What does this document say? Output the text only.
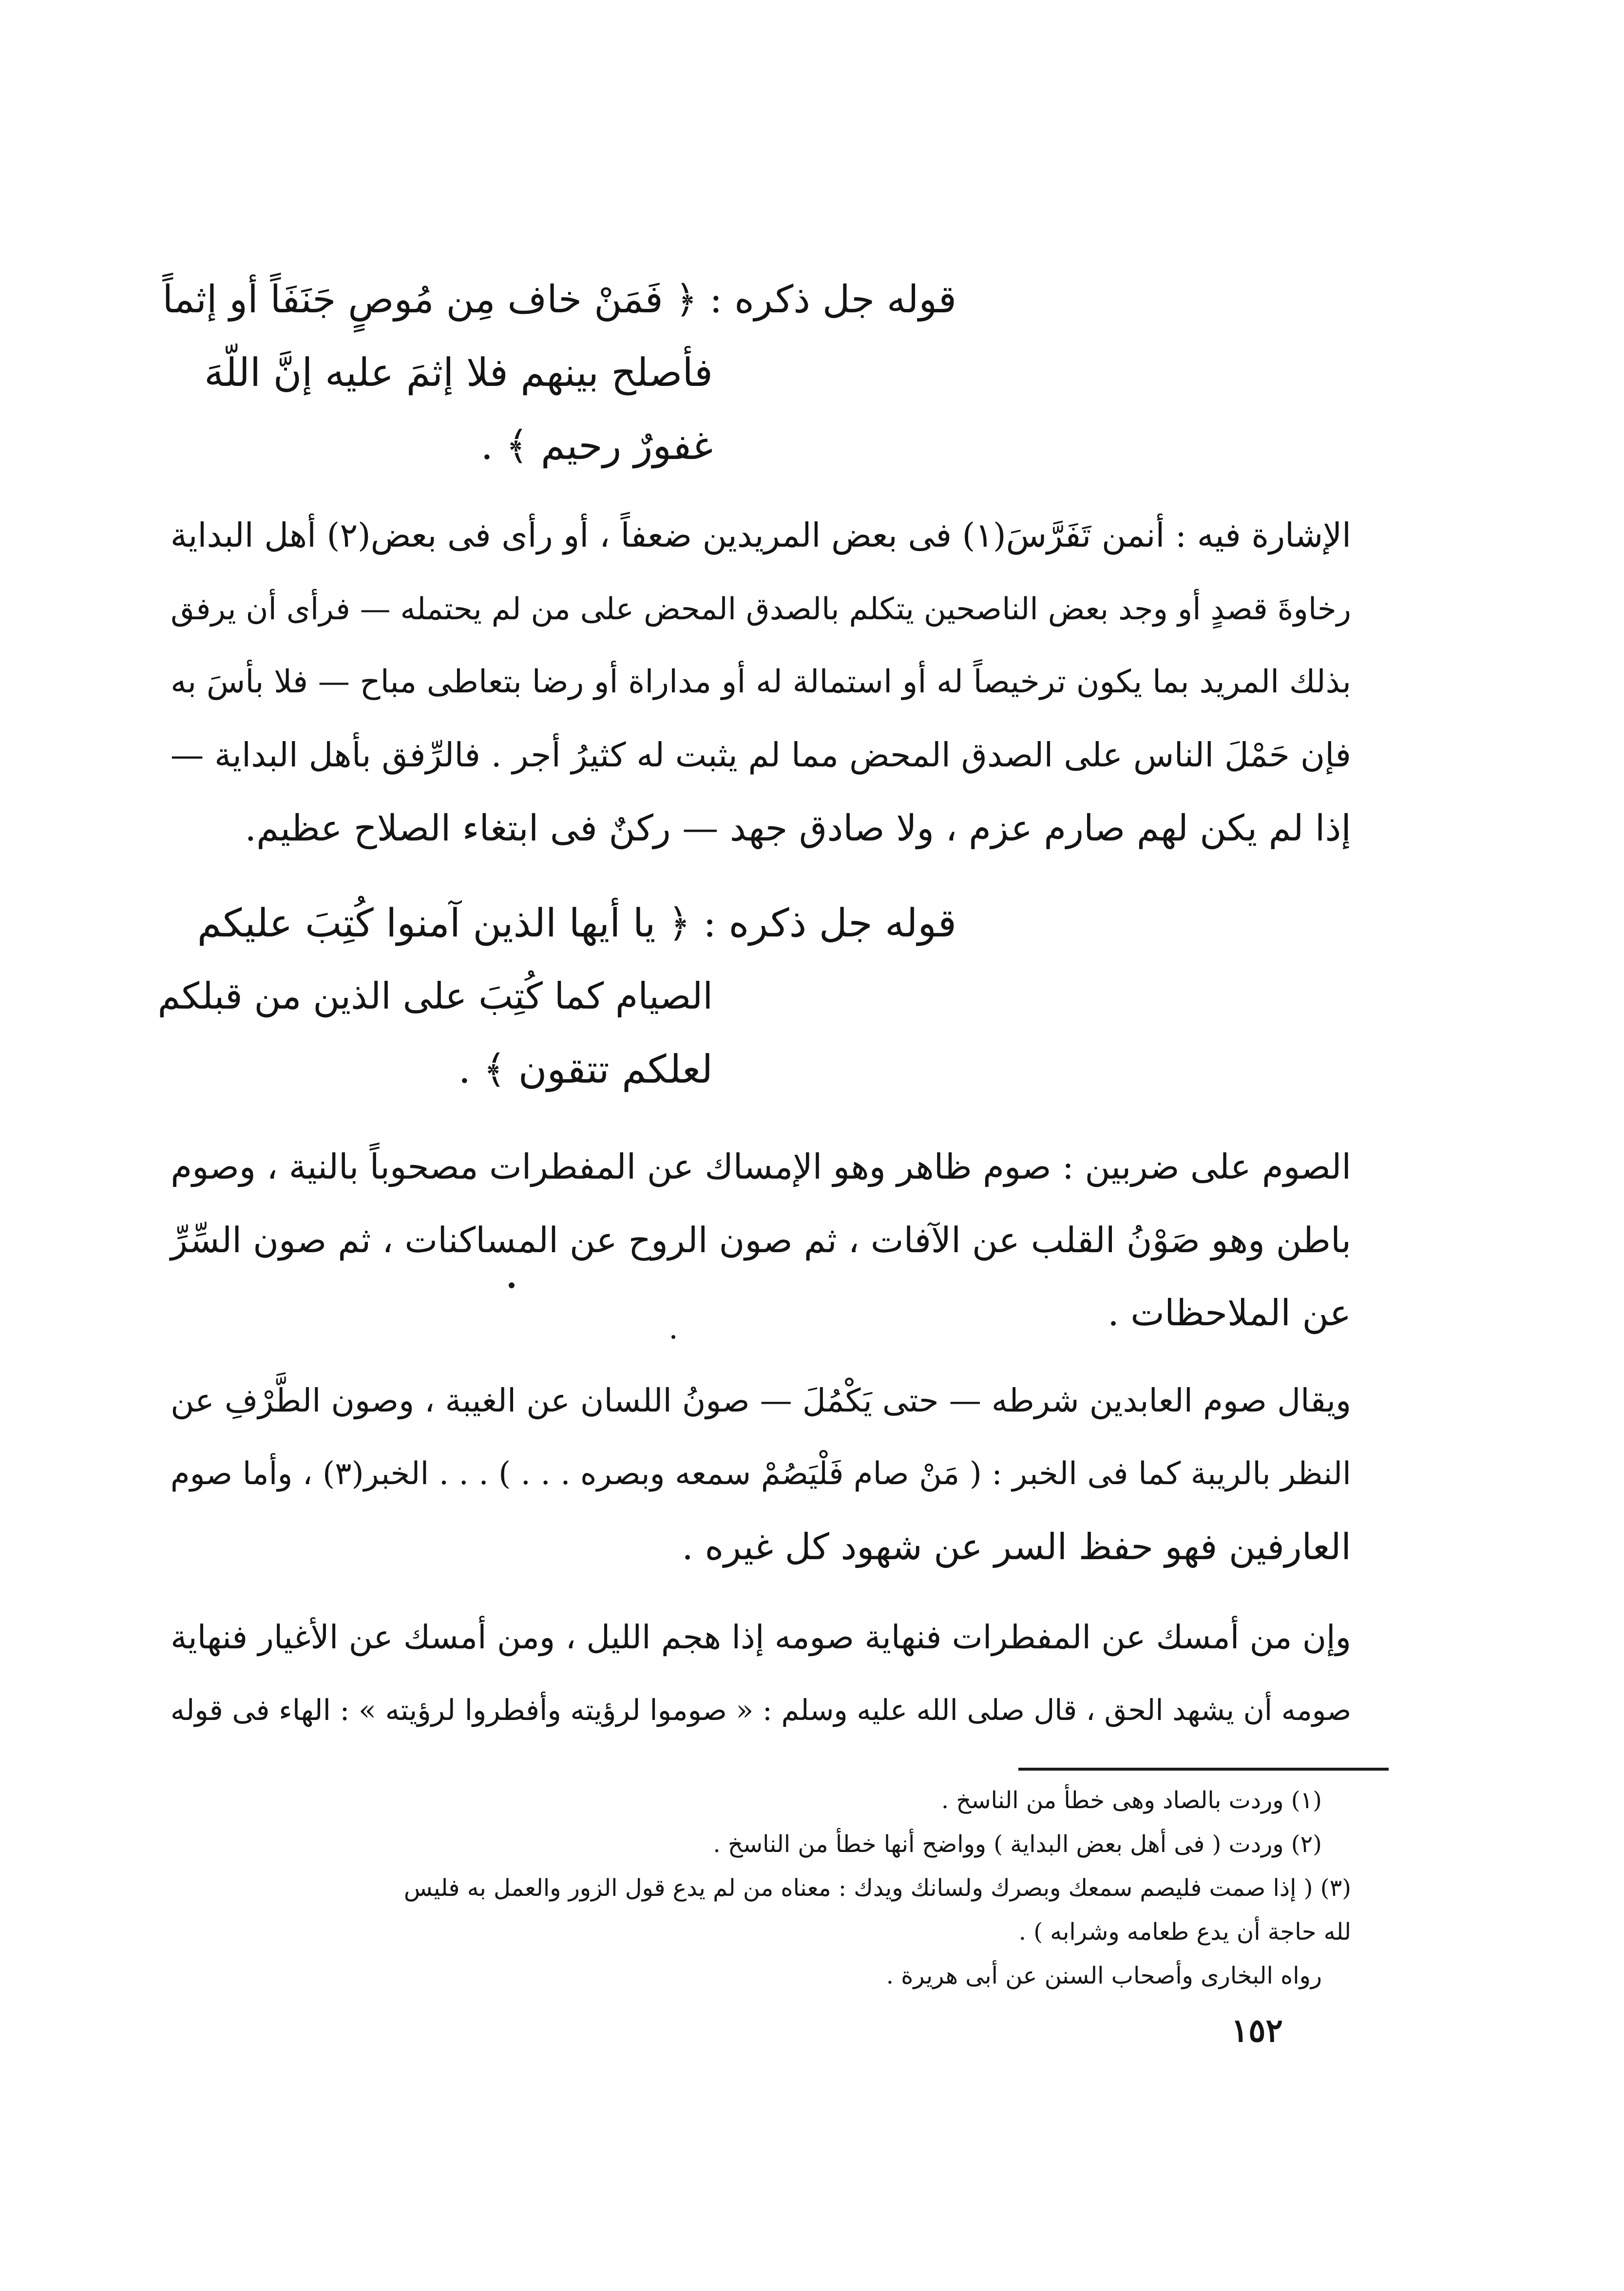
قوله جل ذكره : ﴿ فَمَنْ خاف مِن مُوصٍ جَنَفَاً أو إثماً
فأصلح بينهم فلا إثمَ عليه إنَّ اللّهَ
غفورٌ رحيم ﴾ .
الإشارة فيه : أنمن تَفَرَّسَ(١) فى بعض المريدين ضعفاً ، أو رأى فى بعض(٢) أهل البداية
رخاوةَ قصدٍ أو وجد بعض الناصحين يتكلم بالصدق المحض على من لم يحتمله — فرأى أن يرفق
بذلك المريد بما يكون ترخيصاً له أو استمالة له أو مداراة أو رضا بتعاطى مباح — فلا بأسَ به
فإن حَمْلَ الناس على الصدق المحض مما لم يثبت له كثيرُ أجر . فالرِّفق بأهل البداية —
إذا لم يكن لهم صارم عزم ، ولا صادق جهد — ركنٌ فى ابتغاء الصلاح عظيم.
قوله جل ذكره : ﴿ يا أيها الذين آمنوا كُتِبَ عليكم
الصيام كما كُتِبَ على الذين من قبلكم
لعلكم تتقون ﴾ .
الصوم على ضربين : صوم ظاهر وهو الإمساك عن المفطرات مصحوباً بالنية ، وصوم
باطن وهو صَوْنُ القلب عن الآفات ، ثم صون الروح عن المساكنات ، ثم صون السِّرِّ
عن الملاحظات .
ويقال صوم العابدين شرطه — حتى يَكْمُلَ — صونُ اللسان عن الغيبة ، وصون الطَّرْفِ عن
النظر بالريبة كما فى الخبر : ( مَنْ صام فَلْيَصُمْ سمعه وبصره . . . ) . . . الخبر(٣) ، وأما صوم
العارفين فهو حفظ السر عن شهود كل غيره .
وإن من أمسك عن المفطرات فنهاية صومه إذا هجم الليل ، ومن أمسك عن الأغيار فنهاية
صومه أن يشهد الحق ، قال صلى الله عليه وسلم : « صوموا لرؤيته وأفطروا لرؤيته » : الهاء فى قوله
(١) وردت بالصاد وهى خطأ من الناسخ .
(٢) وردت ( فى أهل بعض البداية ) وواضح أنها خطأ من الناسخ .
(٣) ( إذا صمت فليصم سمعك وبصرك ولسانك ويدك : معناه من لم يدع قول الزور والعمل به فليس
لله حاجة أن يدع طعامه وشرابه ) .
رواه البخارى وأصحاب السنن عن أبى هريرة .
١٥٢
